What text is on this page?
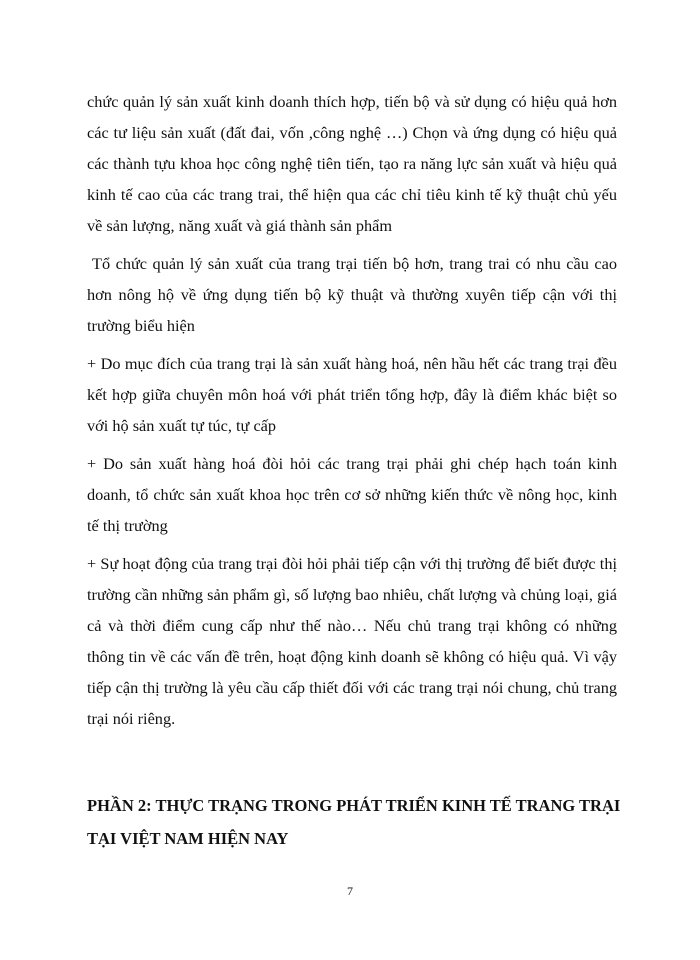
chức quản lý sản xuất kinh doanh thích hợp, tiến bộ và sử dụng có hiệu quả hơn các tư liệu sản xuất (đất đai, vốn ,công nghệ …) Chọn và ứng dụng có hiệu quả các thành tựu khoa học công nghệ tiên tiến, tạo ra năng lực sản xuất và hiệu quả kinh tế cao của các trang trai, thể hiện qua các chỉ tiêu kinh tế kỹ thuật chủ yếu về sản lượng, năng xuất và giá thành sản phẩm

Tổ chức quản lý sản xuất của trang trại tiến bộ hơn, trang trai có nhu cầu cao hơn nông hộ về ứng dụng tiến bộ kỹ thuật và thường xuyên tiếp cận với thị trường biểu hiện

+ Do mục đích của trang trại là sản xuất hàng hoá, nên hầu hết các trang trại đều kết hợp giữa chuyên môn hoá với phát triển tổng hợp, đây là điểm khác biệt so với hộ sản xuất tự túc, tự cấp

+ Do sản xuất hàng hoá đòi hỏi các trang trại phải ghi chép hạch toán kinh doanh, tổ chức sản xuất khoa học trên cơ sở những kiến thức về nông học, kinh tế thị trường

+ Sự hoạt động của trang trại đòi hỏi phải tiếp cận với thị trường để biết được thị trường cần những sản phẩm gì, số lượng bao nhiêu, chất lượng và chủng loại, giá cả và thời điểm cung cấp như thế nào… Nếu chủ trang trại không có những thông tin về các vấn đề trên, hoạt động kinh doanh sẽ không có hiệu quả. Vì vậy tiếp cận thị trường là yêu cầu cấp thiết đối với các trang trại nói chung, chủ trang trại nói riêng.

PHẦN 2: THỰC TRẠNG TRONG PHÁT TRIỂN KINH TẾ TRANG TRẠI TẠI VIỆT NAM HIỆN NAY
7
